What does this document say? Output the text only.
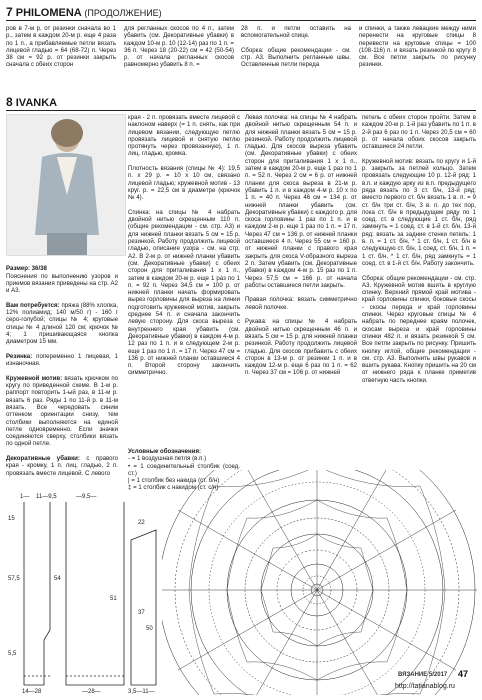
7 PHILOMENA (ПРОДОЛЖЕНИЕ)
ров в 7-м р. от резинки сначала во 1 р., затем в каждом 20-м р. еще 4 раза по 1 п., а прибавляемые петли вязать лицевой гладью = 64 (68-72) п. Через 38 см = 92 р. от резинки закрыть сначала с обеих сторон
для регланных скосов по 4 п., затем убавить (см. Декоративные убавки) в каждом 10-м р. 10 (12-14) раз по 1 п. = 36 п. Через 18 (20-22) см = 42 (50-54) р. от начала регланных скосов равномерно убавить 8 п. =
28 п. и петли оставить на вспомогательной спице.

Сборка: общие рекомендации - см. стр. А3. Выполнить регланные швы. Оставленные петли переда
и спинки, а также левацкие между ними перенести на круговые спицы 8 перевести на круговые спицы = 100 (108-116) п. и вязать резинкой по кругу 8 см. Все петли закрыть по рисунку резинки.
8 IVANKA

Размер: 36/38

Пояснения по выполнению узоров и приемов вязания приведены на стр. А2 и А3.

Вам потребуется: пряжа (88% хлопка, 12% полиамид; 140 м/50 г) - 160 г серо-голубой; спицы № 4; круговые спицы № 4 длиной 120 см; крючок № 4; 1 пришивающаяся кнопка диаметром 15 мм.

Резинка: попеременно 1 лицевая, 1 изнаночная.

Кружевной мотив: вязать крючком по кругу по приведенной схеме. В 1-м р. раппорт повторить 1-ый раз, в 11-м р. вязать 6 раз. Ряды 1 по 11-й р. в 11-м вязать. Все чередовать синим оттенком ориентации снизу, тем столбики выполняются на единой петле одновременно. Если значки соединяются сверху, столбики вязать по одной петле.

Декоративные убавки: с правого края - кромку, 1 п. лиц. гладью, 2 п. провязать вместе лицевой. С левого

края - 2 п. провязать вместе лицевой с наклоном наверх (= 1 п. снять, как при лицевом вязании, следующую петлю провязать лицевой и снятую петлю протянуть через провязанную), 1 п. лиц. гладью, кромка.

Плотность вязания (спицы № 4): 19,5 п. х 29 р. = 10 х 10 см, связано лицевой гладью; кружевной мотив - 13 круг. р. = 22,5 см в диаметре (крючок № 4).

Спинка: на спицы № 4 набрать двойной нитью скрещенным 110 п. (общие рекомендации - см. стр. А3) и для нижней планки вязать 5 см = 15 р. резинкой. Работу продолжить лицевой гладью, описание узора - см. на стр. А2. В 2-м р. от нижней планки убавить (см. Декоративные убавки) с обеих сторон для приталивания 1 х 1 п., затем в каждом 20-м р. еще 1 раз по 1 п. = 92 п. Через 34,5 см = 100 р. от нижней планки начать формировать вырез горловины для выреза на линии подготовить кружевной мотив, закрыть среднее 54 п. и сначала закончить левую сторону. Для скоса выреза с внутреннего края убавить (см. Декоративные убавки) в каждом 4-м р. 12 раз по 1 п. и в следующем 2-м р. еще 1 раз по 1 п. = 17 п. Через 47 см = 136 р. от нижней планки оставшиеся 4 п. Второй сторону закончить симметрично.
Условные обозначения:
- = 1 воздушная петля (в.п.)
• = 1 соединительный столбик (соед. ст.)
| = 1 столбик без накида (ст. б/н)
‡ = 1 столбик с накидом (ст. с/н)
Левая полочка: на спицы № 4 набрать двойной нитью скрещенным 54 п. и для нижней планки вязать 5 см = 15 р. резинкой. Работу продолжить лицевой гладью. Для скосов выреза убавить (см. Декоративные убавки) с обеих сторон для приталивания 1 х 1 п., затем в каждом 20-м р. еще 1 раз по 1 п. = 52 п. Через 2 см = 6 р. от нижней планки для скоса выреза в 21-м р. убавить 1 п. и в каждом 4-м р. 10 х по 1 п. = 40 п. Через 46 см = 134 р. от нижней планки убавить (см. Декоративные убавки) с каждого р. для скоса горловины 1 раз по 1 п. и в каждом 2-м р. еще 1 раз по 1 п. = 17 п. Через 47 см = 136 р. от нижней планки оставшиеся 4 п. Через 55 см = 160 р. от нижней планки с правого края закрыть для скоса V-образного выреза 2 п. Затем убавить (см. Декоративные убавки) в каждом 4-м р. 15 раз по 1 п. Через 57,5 см = 166 р. от начала работы оставшиеся петли закрыть.

Правая полочка: вязать симметрично левой полочке.

Рукава: на спицы № 4 набрать двойной нитью скрещенным 46 п. и вязать 5 см = 15 р. для нижней планки резинкой. Работу продолжить лицевой гладью. Для скосов прибавить с обеих сторон в 13-м р. от резинки 1 п. и в каждом 12-м р. еще 6 раз по 1 п. = 62 п. Через 37 см = 106 р. от нижней
петель с обеих сторон пройти. Затем в каждом 20-м р. 1-й раз убавить по 1 п. в 2-й раз 6 раз по 1 п. Через 20,5 см = 60 р. от начала обоих скосов закрыть оставшиеся 24 петли.

Кружевной мотив: вязать по кругу и 1-й р. закрыть за петлей кольцо. Затем провязать следующие 10 р. 12-й ряд: 1 в.п. и каждую арку из в.п. предыдущего ряда вязать по 3 ст. б/н, 13-й ряд: вместо первого ст. б/н вязать 1 в. п. = 9 ст. б/н три ст. б/н, 3 в. п. до тех пор, пока ст. б/н в предыдущем ряду по 1 соед. ст. в следующие 1 ст. б/н, ряд замкнуть = 1 соед. ст. в 1-й ст. б/н. 13-й ряд: вязать за задние стенки петель: 1 в. п. = 1 ст. б/н, * 1 ст. б/н, 1 ст. б/н в следующую ст. б/н, 1 соед. ст. б/н, 1 п. = 1 ст. б/н, * 1 ст. б/н, ряд замкнуть = 1 соед. ст. в 1-й ст. б/н. Работу закончить.

Сборка: общие рекомендации - см. стр. А3. Кружевной мотив вшить в круглую спинку. Верхний прямой край мотива - край горловины спинки, боковые скосы - скосы переда и край горловины спинки. Через круговые спицы № 4 набрать по переднее краям полочек, скосам выреза и край горловины спинки 482 п. и вязать резинкой 5 см. Все петли закрыть по рисунку. Пришить кнопку иглой, общие рекомендации - см. стр. А3. Выполнить швы рукавов и вшить рукава. Кнопку пришить на 20 см от нижнего ряда к планке приметив ответную часть кнопки.
1— 11—9,5	—9,5—
22
15
57,5	54
51
5,5
50
14—28	—28—	3,5—11—
37
ВЯЗАНИЕ 5/2017 47
http://tatianablog.ru
